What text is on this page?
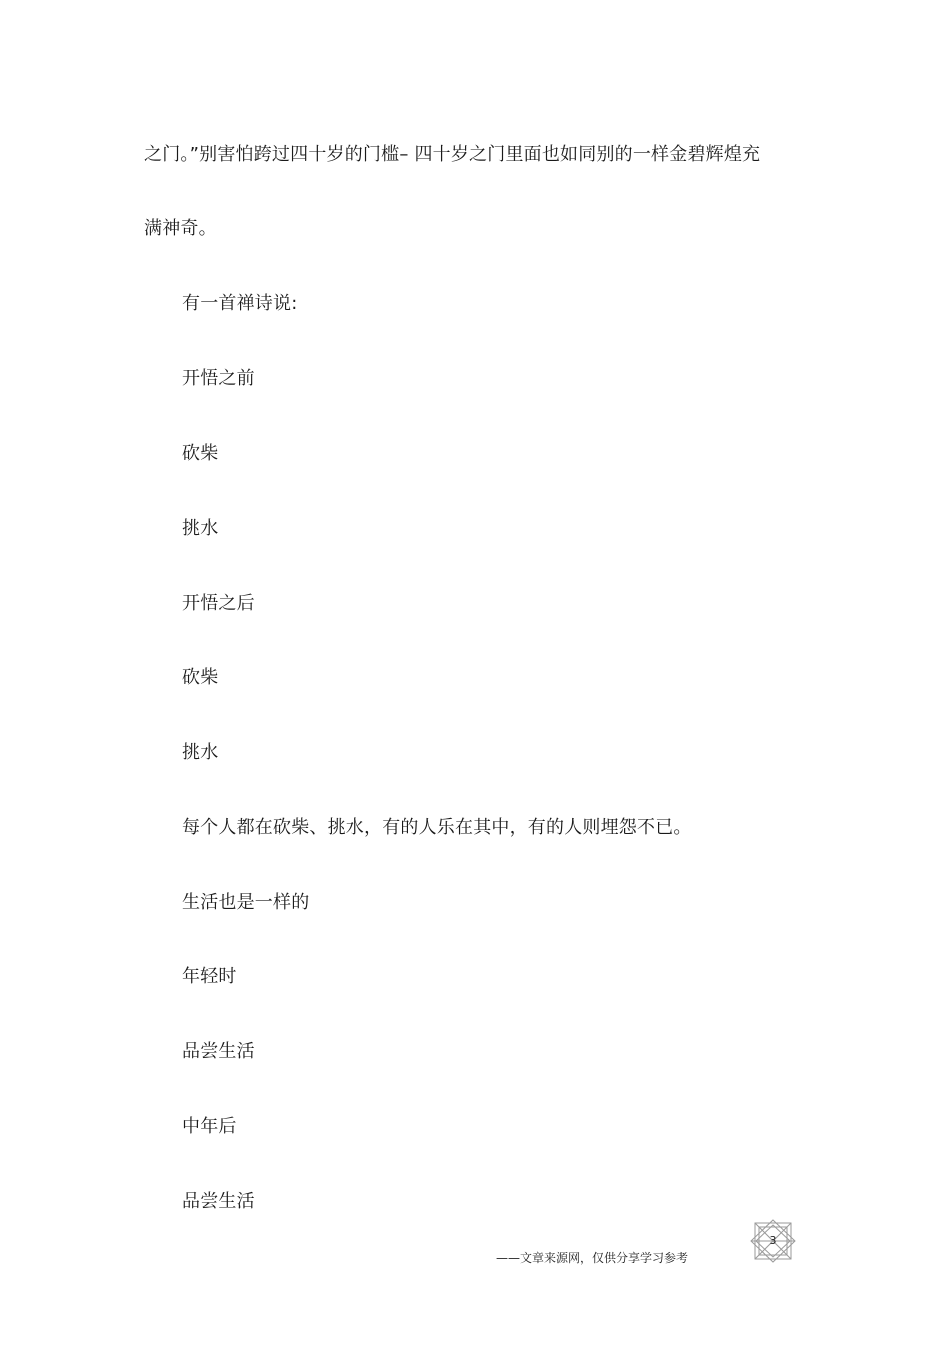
之门。”别害怕跨过四十岁的门槛– 四十岁之门里面也如同别的一样金碧辉煌充
满神奇。
有一首禅诗说:
开悟之前
砍柴
挑水
开悟之后
砍柴
挑水
每个人都在砍柴、挑水，有的人乐在其中，有的人则埋怨不已。
生活也是一样的
年轻时
品尝生活
中年后
品尝生活
——文章来源网，仅供分享学习参考
3
